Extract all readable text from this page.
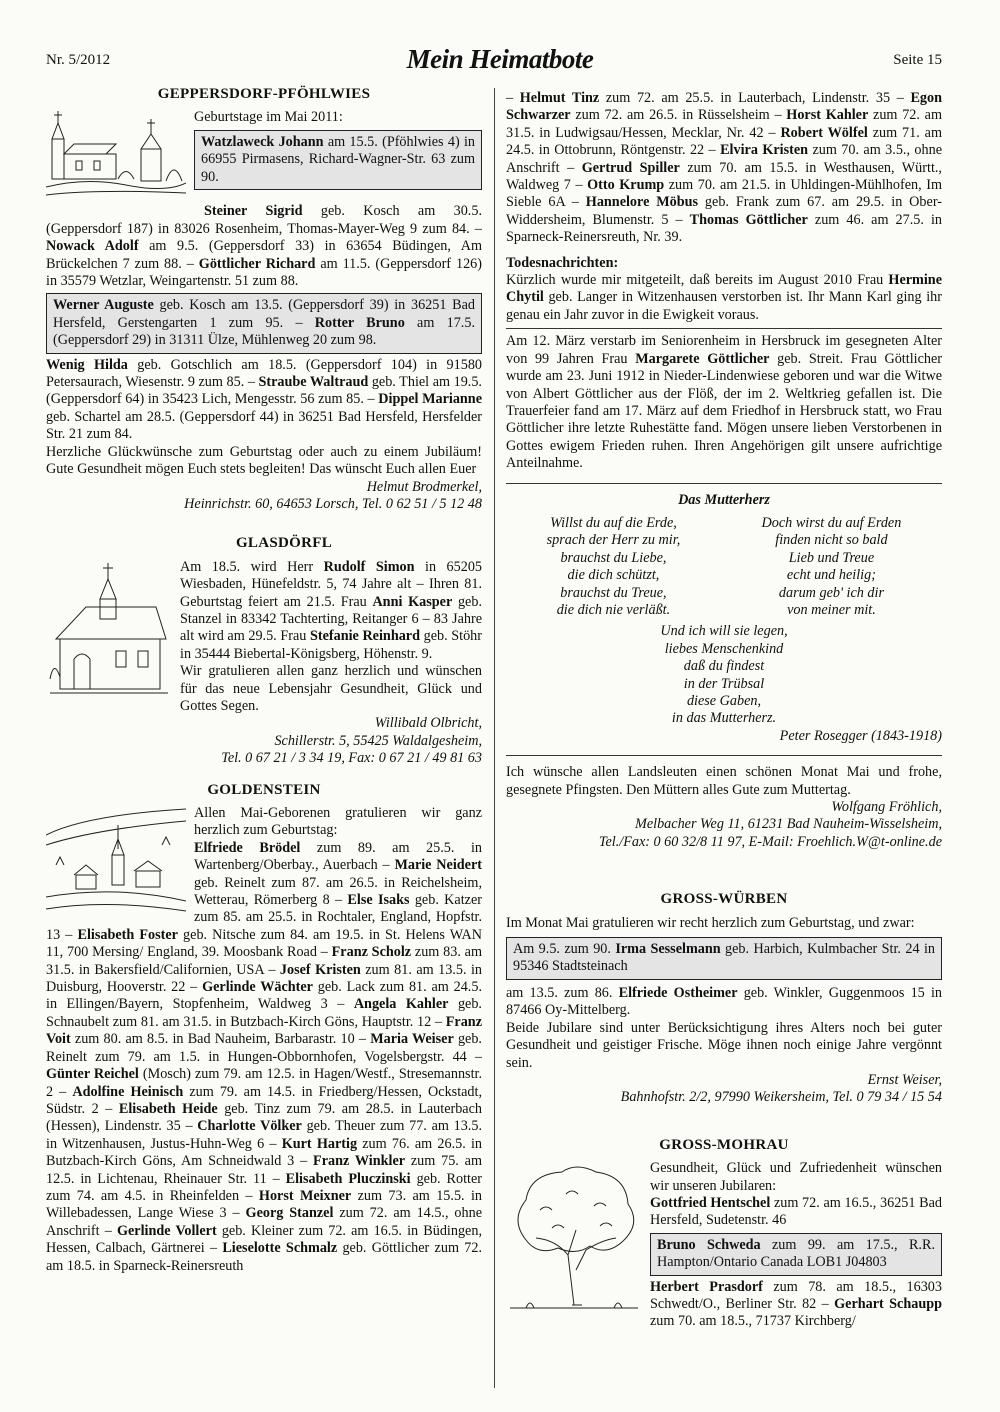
Nr. 5/2012	Mein Heimatbote	Seite 15
GEPPERSDORF-PFÖHLWIES

Geburtstage im Mai 2011:

Watzlaweck Johann am 15.5. (Pföhlwies 4) in 66955 Pirmasens, Richard-Wagner-Str. 63 zum 90.

Steiner Sigrid geb. Kosch am 30.5. (Geppersdorf 187) in 83026 Rosenheim, Thomas-Mayer-Weg 9 zum 84. – Nowack Adolf am 9.5. (Geppersdorf 33) in 63654 Büdingen, Am Brückelchen 7 zum 88. – Göttlicher Richard am 11.5. (Geppersdorf 126) in 35579 Wetzlar, Weingartenstr. 51 zum 88.

Werner Auguste geb. Kosch am 13.5. (Geppersdorf 39) in 36251 Bad Hersfeld, Gerstengarten 1 zum 95. – Rotter Bruno am 17.5. (Geppersdorf 29) in 31311 Ülze, Mühlenweg 20 zum 98.

Wenig Hilda geb. Gotschlich am 18.5. (Geppersdorf 104) in 91580 Petersaurach, Wiesenstr. 9 zum 85. – Straube Waltraud geb. Thiel am 19.5. (Geppersdorf 64) in 35423 Lich, Mengesstr. 56 zum 85. – Dippel Marianne geb. Schartel am 28.5. (Geppersdorf 44) in 36251 Bad Hersfeld, Hersfelder Str. 21 zum 84.

Herzliche Glückwünsche zum Geburtstag oder auch zu einem Jubiläum! Gute Gesundheit mögen Euch stets begleiten! Das wünscht Euch allen Euer

Helmut Brodmerkel,

Heinrichstr. 60, 64653 Lorsch, Tel. 0 62 51 / 5 12 48

GLASDÖRFL

Am 18.5. wird Herr Rudolf Simon in 65205 Wiesbaden, Hünefeldstr. 5, 74 Jahre alt – Ihren 81. Geburtstag feiert am 21.5. Frau Anni Kasper geb. Stanzel in 83342 Tachterting, Reitanger 6 – 83 Jahre alt wird am 29.5. Frau Stefanie Reinhard geb. Stöhr in 35444 Biebertal-Königsberg, Höhenstr. 9.

Wir gratulieren allen ganz herzlich und wünschen für das neue Lebensjahr Gesundheit, Glück und Gottes Segen.

Willibald Olbricht,

Schillerstr. 5, 55425 Waldalgesheim,

Tel. 0 67 21 / 3 34 19, Fax: 0 67 21 / 49 81 63

GOLDENSTEIN

Allen Mai-Geborenen gratulieren wir ganz herzlich zum Geburtstag:

Elfriede Brödel zum 89. am 25.5. in Wartenberg/Oberbay., Auerbach – Marie Neidert geb. Reinelt zum 87. am 26.5. in Reichelsheim, Wetterau, Römerberg 8 – Else Isaks geb. Katzer zum 85. am 25.5. in Rochtaler, England, Hopfstr. 13 – Elisabeth Foster geb. Nitsche zum 84. am 19.5. in St. Helens WAN 11, 700 Mersing/ England, 39. Moosbank Road – Franz Scholz zum 83. am 31.5. in Bakersfield/Californien, USA – Josef Kristen zum 81. am 13.5. in Duisburg, Hooverstr. 22 – Gerlinde Wächter geb. Lack zum 81. am 24.5. in Ellingen/Bayern, Stopfenheim, Waldweg 3 – Angela Kahler geb. Schnaubelt zum 81. am 31.5. in Butzbach-Kirch Göns, Hauptstr. 12 – Franz Voit zum 80. am 8.5. in Bad Nauheim, Barbarastr. 10 – Maria Weiser geb. Reinelt zum 79. am 1.5. in Hungen-Obbornhofen, Vogelsbergstr. 44 – Günter Reichel (Mosch) zum 79. am 12.5. in Hagen/Westf., Stresemannstr. 2 – Adolfine Heinisch zum 79. am 14.5. in Friedberg/Hessen, Ockstadt, Südstr. 2 – Elisabeth Heide geb. Tinz zum 79. am 28.5. in Lauterbach (Hessen), Lindenstr. 35 – Charlotte Völker geb. Theuer zum 77. am 13.5. in Witzenhausen, Justus-Huhn-Weg 6 – Kurt Hartig zum 76. am 26.5. in Butzbach-Kirch Göns, Am Schneidwald 3 – Franz Winkler zum 75. am 12.5. in Lichtenau, Rheinauer Str. 11 – Elisabeth Pluczinski geb. Rotter zum 74. am 4.5. in Rheinfelden – Horst Meixner zum 73. am 15.5. in Willebadessen, Lange Wiese 3 – Georg Stanzel zum 72. am 14.5., ohne Anschrift – Gerlinde Vollert geb. Kleiner zum 72. am 16.5. in Büdingen, Hessen, Calbach, Gärtnerei – Lieselotte Schmalz geb. Göttlicher zum 72. am 18.5. in Sparneck-Reinersreuth

– Helmut Tinz zum 72. am 25.5. in Lauterbach, Lindenstr. 35 – Egon Schwarzer zum 72. am 26.5. in Rüsselsheim – Horst Kahler zum 72. am 31.5. in Ludwigsau/Hessen, Mecklar, Nr. 42 – Robert Wölfel zum 71. am 24.5. in Ottobrunn, Röntgenstr. 22 – Elvira Kristen zum 70. am 3.5., ohne Anschrift – Gertrud Spiller zum 70. am 15.5. in Westhausen, Württ., Waldweg 7 – Otto Krump zum 70. am 21.5. in Uhldingen-Mühlhofen, Im Sieble 6A – Hannelore Möbus geb. Frank zum 67. am 29.5. in Ober-Widdersheim, Blumenstr. 5 – Thomas Göttlicher zum 46. am 27.5. in Sparneck-Reinersreuth, Nr. 39.

Todesnachrichten:

Kürzlich wurde mir mitgeteilt, daß bereits im August 2010 Frau Hermine Chytil geb. Langer in Witzenhausen verstorben ist. Ihr Mann Karl ging ihr genau ein Jahr zuvor in die Ewigkeit voraus.

Am 12. März verstarb im Seniorenheim in Hersbruck im gesegneten Alter von 99 Jahren Frau Margarete Göttlicher geb. Streit. Frau Göttlicher wurde am 23. Juni 1912 in Nieder-Lindenwiese geboren und war die Witwe von Albert Göttlicher aus der Flöß, der im 2. Weltkrieg gefallen ist. Die Trauerfeier fand am 17. März auf dem Friedhof in Hersbruck statt, wo Frau Göttlicher ihre letzte Ruhestätte fand. Mögen unsere lieben Verstorbenen in Gottes ewigem Frieden ruhen. Ihren Angehörigen gilt unsere aufrichtige Anteilnahme.

Das Mutterherz
Willst du auf die Erde,
sprach der Herr zu mir,
brauchst du Liebe,
die dich schützt,
brauchst du Treue,
die dich nie verläßt.
Doch wirst du auf Erden
finden nicht so bald
Lieb und Treue
echt und heilig;
darum geb' ich dir
von meiner mit.
Und ich will sie legen,
liebes Menschenkind
daß du findest
in der Trübsal
diese Gaben,
in das Mutterherz.
Peter Rosegger (1843-1918)

Ich wünsche allen Landsleuten einen schönen Monat Mai und frohe, gesegnete Pfingsten. Den Müttern alles Gute zum Muttertag.

Wolfgang Fröhlich,

Melbacher Weg 11, 61231 Bad Nauheim-Wisselsheim,

Tel./Fax: 0 60 32/8 11 97, E-Mail: Froehlich.W@t-online.de

GROSS-WÜRBEN

Im Monat Mai gratulieren wir recht herzlich zum Geburtstag, und zwar:

Am 9.5. zum 90. Irma Sesselmann geb. Harbich, Kulmbacher Str. 24 in 95346 Stadtsteinach

am 13.5. zum 86. Elfriede Ostheimer geb. Winkler, Guggenmoos 15 in 87466 Oy-Mittelberg.

Beide Jubilare sind unter Berücksichtigung ihres Alters noch bei guter Gesundheit und geistiger Frische. Möge ihnen noch einige Jahre vergönnt sein.

Ernst Weiser,

Bahnhofstr. 2/2, 97990 Weikersheim, Tel. 0 79 34 / 15 54

GROSS-MOHRAU

Gesundheit, Glück und Zufriedenheit wünschen wir unseren Jubilaren:

Gottfried Hentschel zum 72. am 16.5., 36251 Bad Hersfeld, Sudetenstr. 46

Bruno Schweda zum 99. am 17.5., R.R. Hampton/Ontario Canada LOB1 J04803

Herbert Prasdorf zum 78. am 18.5., 16303 Schwedt/O., Berliner Str. 82 – Gerhart Schaupp zum 70. am 18.5., 71737 Kirchberg/
